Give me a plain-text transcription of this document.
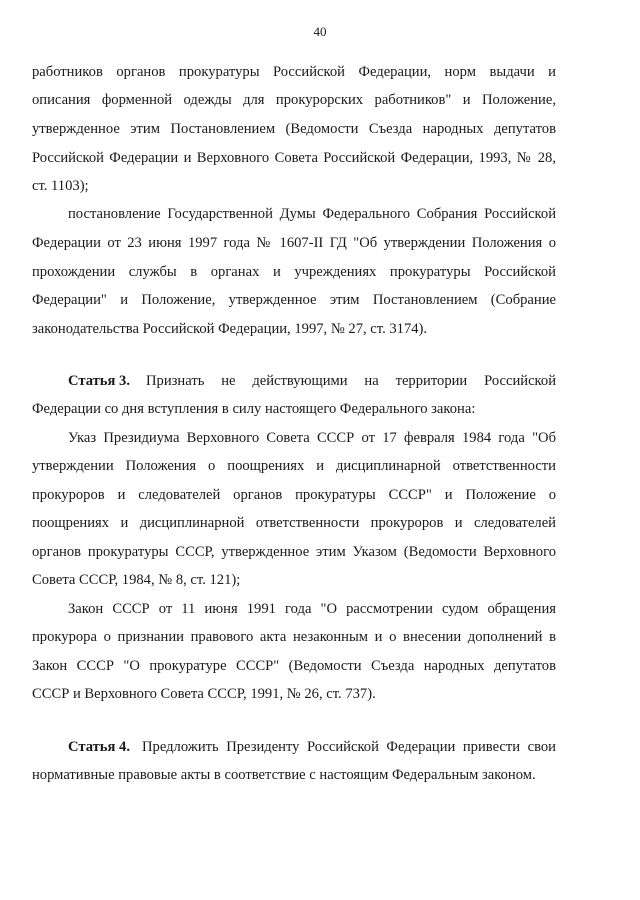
40
работников органов прокуратуры Российской Федерации, норм выдачи и
описания форменной одежды для прокурорских работников" и Положение,
утвержденное этим Постановлением (Ведомости Съезда народных депутатов
Российской Федерации и Верховного Совета Российской Федерации, 1993, № 28,
ст. 1103);
постановление Государственной Думы Федерального Собрания Российской
Федерации от 23 июня 1997 года № 1607-II ГД "Об утверждении Положения о
прохождении службы в органах и учреждениях прокуратуры Российской
Федерации" и Положение, утвержденное этим Постановлением (Собрание
законодательства Российской Федерации, 1997, № 27, ст. 3174).
Статья 3. Признать не действующими на территории Российской
Федерации со дня вступления в силу настоящего Федерального закона:
Указ Президиума Верховного Совета СССР от 17 февраля 1984 года "Об
утверждении Положения о поощрениях и дисциплинарной ответственности
прокуроров и следователей органов прокуратуры СССР" и Положение о
поощрениях и дисциплинарной ответственности прокуроров и следователей
органов прокуратуры СССР, утвержденное этим Указом (Ведомости Верховного
Совета СССР, 1984, № 8, ст. 121);
Закон СССР от 11 июня 1991 года "О рассмотрении судом обращения
прокурора о признании правового акта незаконным и о внесении дополнений в
Закон СССР "О прокуратуре СССР" (Ведомости Съезда народных депутатов
СССР и Верховного Совета СССР, 1991, № 26, ст. 737).
Статья 4. Предложить Президенту Российской Федерации привести свои
нормативные правовые акты в соответствие с настоящим Федеральным законом.
